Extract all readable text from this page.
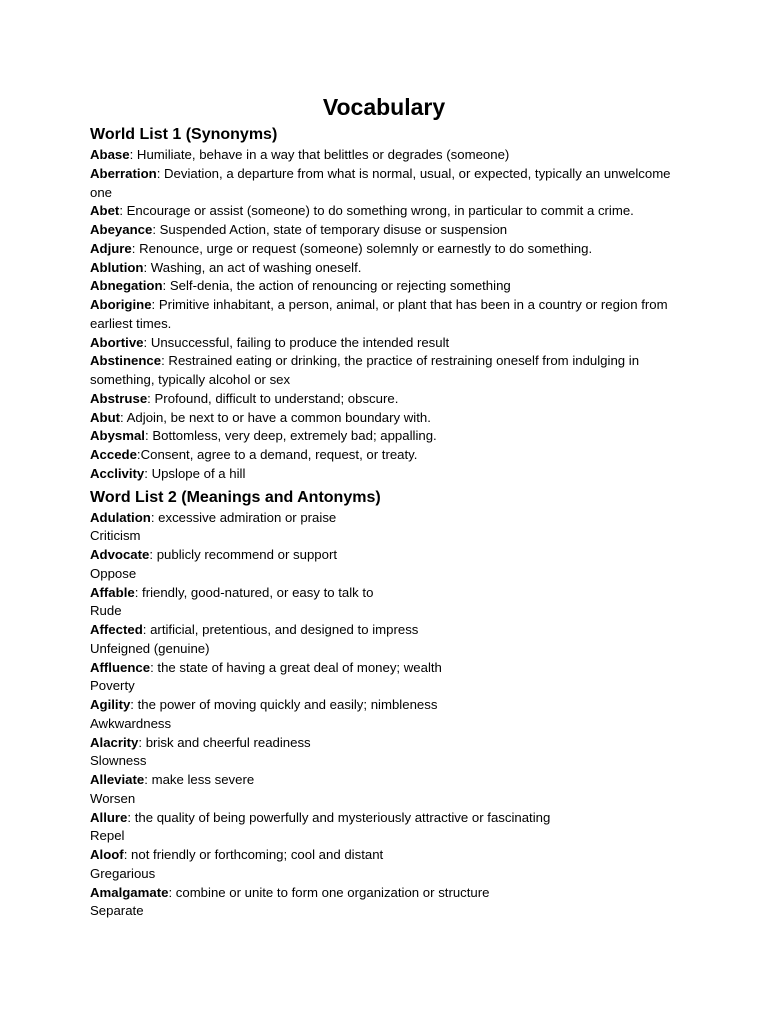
Vocabulary
World List 1 (Synonyms)

Abase: Humiliate, behave in a way that belittles or degrades (someone)

Aberration: Deviation, a departure from what is normal, usual, or expected, typically an unwelcome one

Abet: Encourage or assist (someone) to do something wrong, in particular to commit a crime.

Abeyance: Suspended Action, state of temporary disuse or suspension

Adjure: Renounce, urge or request (someone) solemnly or earnestly to do something.

Ablution: Washing, an act of washing oneself.

Abnegation: Self-denia, the action of renouncing or rejecting something

Aborigine: Primitive inhabitant, a person, animal, or plant that has been in a country or region from earliest times.

Abortive: Unsuccessful, failing to produce the intended result

Abstinence: Restrained eating or drinking, the practice of restraining oneself from indulging in something, typically alcohol or sex

Abstruse: Profound, difficult to understand; obscure.

Abut: Adjoin, be next to or have a common boundary with.

Abysmal: Bottomless, very deep, extremely bad; appalling.

Accede:Consent, agree to a demand, request, or treaty.

Acclivity: Upslope of a hill

Word List 2 (Meanings and Antonyms)

Adulation: excessive admiration or praise

Criticism

Advocate: publicly recommend or support

Oppose

Affable: friendly, good-natured, or easy to talk to

Rude

Affected: artificial, pretentious, and designed to impress

Unfeigned (genuine)

Affluence: the state of having a great deal of money; wealth

Poverty

Agility: the power of moving quickly and easily; nimbleness

Awkwardness

Alacrity: brisk and cheerful readiness

Slowness

Alleviate: make less severe

Worsen

Allure: the quality of being powerfully and mysteriously attractive or fascinating

Repel

Aloof: not friendly or forthcoming; cool and distant

Gregarious

Amalgamate: combine or unite to form one organization or structure

Separate
